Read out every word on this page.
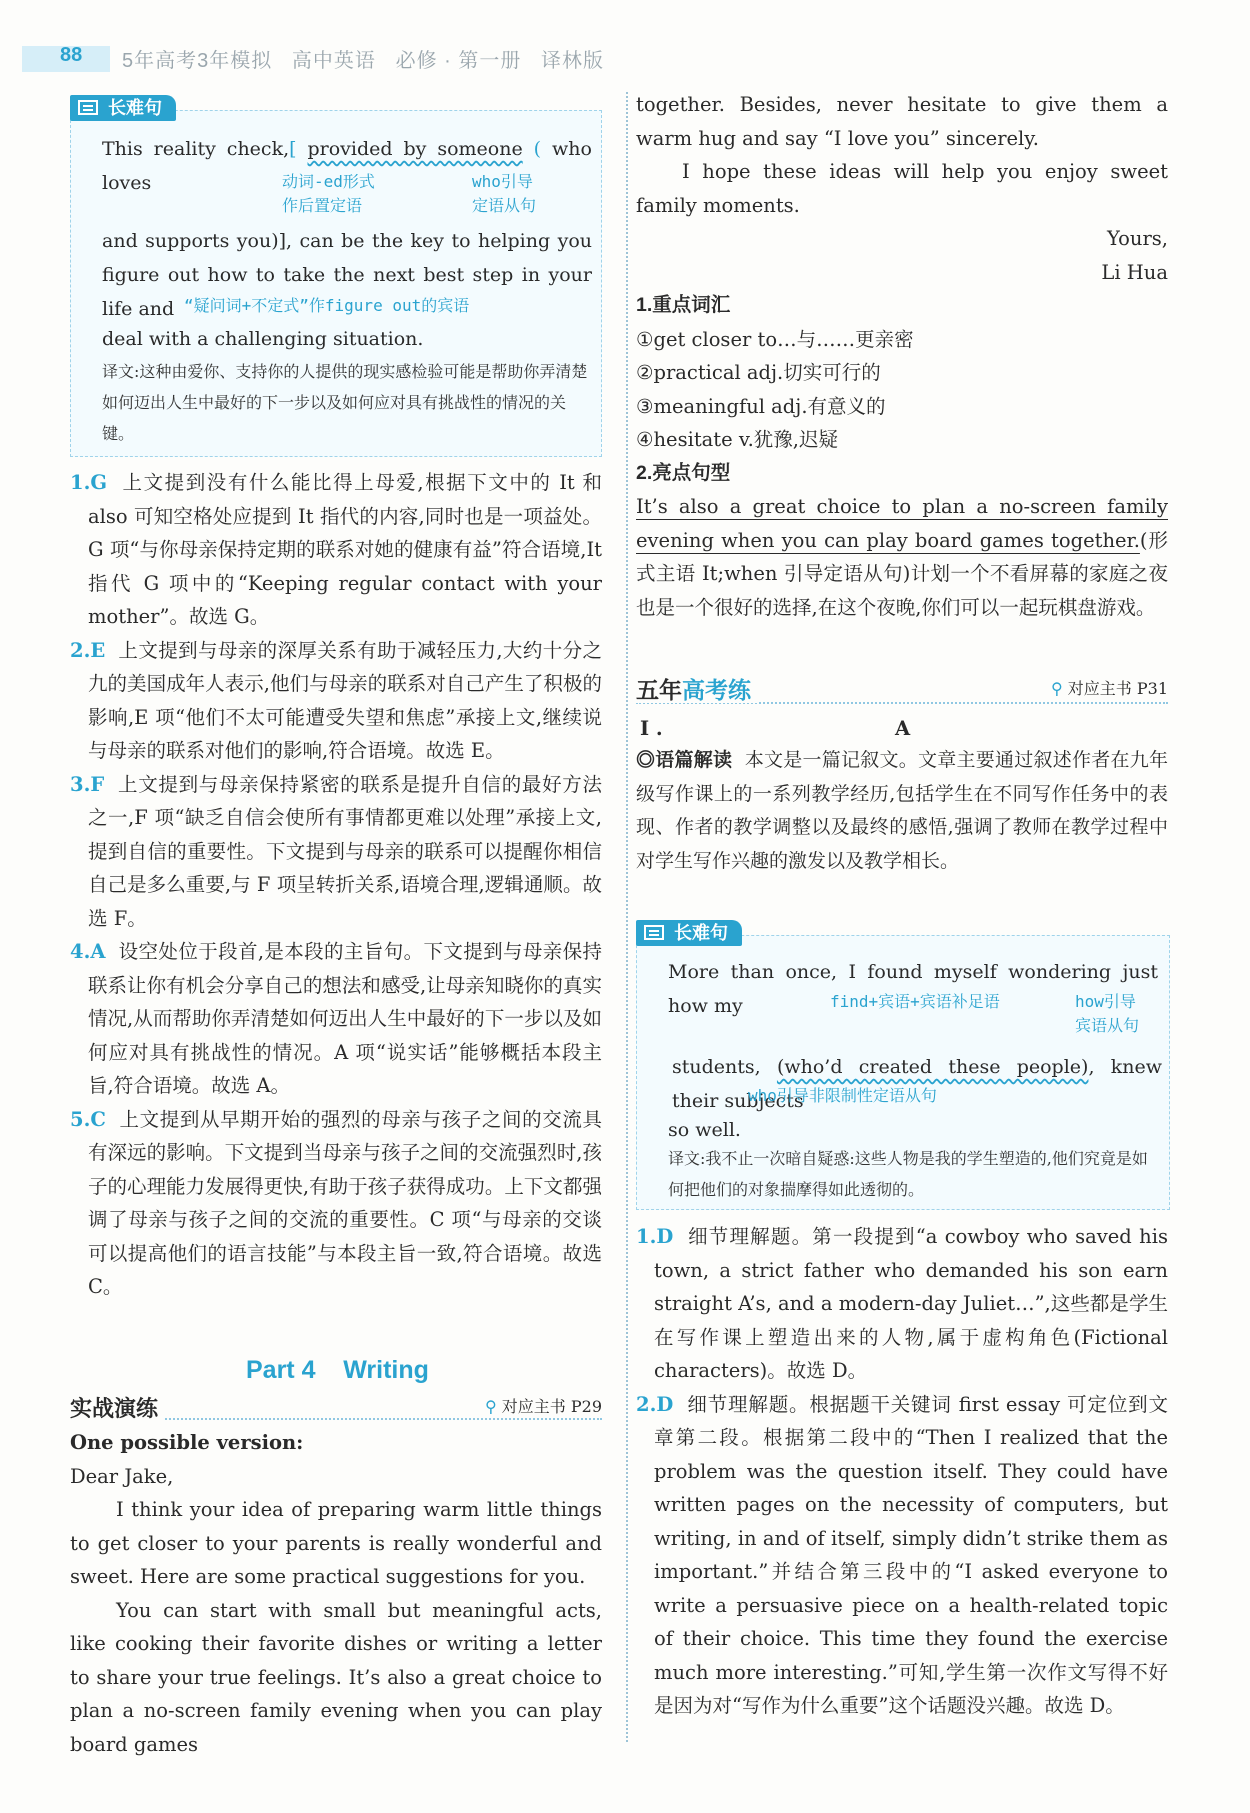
88 5年高考3年模拟 高中英语 必修 · 第一册 译林版
长难句
This reality check,[ provided by someone ( who loves	动词-ed形式
作后置定语
who引导
定语从句
and supports you)], can be the key to helping you figure out how to take the next best step in your life and “疑问词+不定式”作figure out的宾语
deal with a challenging situation.
译文:这种由爱你、支持你的人提供的现实感检验可能是帮助你弄清楚如何迈出人生中最好的下一步以及如何应对具有挑战性的情况的关键。
1.G 上文提到没有什么能比得上母爱,根据下文中的 It 和 also 可知空格处应提到 It 指代的内容,同时也是一项益处。G 项“与你母亲保持定期的联系对她的健康有益”符合语境,It 指代 G 项中的“Keeping regular contact with your mother”。故选 G。
2.E 上文提到与母亲的深厚关系有助于减轻压力,大约十分之九的美国成年人表示,他们与母亲的联系对自己产生了积极的影响,E 项“他们不太可能遭受失望和焦虑”承接上文,继续说与母亲的联系对他们的影响,符合语境。故选 E。
3.F 上文提到与母亲保持紧密的联系是提升自信的最好方法之一,F 项“缺乏自信会使所有事情都更难以处理”承接上文,提到自信的重要性。下文提到与母亲的联系可以提醒你相信自己是多么重要,与 F 项呈转折关系,语境合理,逻辑通顺。故选 F。
4.A 设空处位于段首,是本段的主旨句。下文提到与母亲保持联系让你有机会分享自己的想法和感受,让母亲知晓你的真实情况,从而帮助你弄清楚如何迈出人生中最好的下一步以及如何应对具有挑战性的情况。A 项“说实话”能够概括本段主旨,符合语境。故选 A。
5.C 上文提到从早期开始的强烈的母亲与孩子之间的交流具有深远的影响。下文提到当母亲与孩子之间的交流强烈时,孩子的心理能力发展得更快,有助于孩子获得成功。上下文都强调了母亲与孩子之间的交流的重要性。C 项“与母亲的交谈可以提高他们的语言技能”与本段主旨一致,符合语境。故选 C。
Part 4    Writing
实战演练	⚲ 对应主书 P29
One possible version:
Dear Jake,
I think your idea of preparing warm little things to get closer to your parents is really wonderful and sweet. Here are some practical suggestions for you.
You can start with small but meaningful acts, like cooking their favorite dishes or writing a letter to share your true feelings. It’s also a great choice to plan a no-screen family evening when you can play board games
together. Besides, never hesitate to give them a warm hug and say “I love you” sincerely.
I hope these ideas will help you enjoy sweet family moments.
Yours,
Li Hua
1.重点词汇
①get closer to…与……更亲密
②practical adj.切实可行的
③meaningful adj.有意义的
④hesitate v.犹豫,迟疑
2.亮点句型
It’s also a great choice to plan a no-screen family evening when you can play board games together.(形式主语 It;when 引导定语从句)计划一个不看屏幕的家庭之夜也是一个很好的选择,在这个夜晚,你们可以一起玩棋盘游戏。
五年高考练	⚲ 对应主书 P31
I .	A
◎语篇解读 本文是一篇记叙文。文章主要通过叙述作者在九年级写作课上的一系列教学经历,包括学生在不同写作任务中的表现、作者的教学调整以及最终的感悟,强调了教师在教学过程中对学生写作兴趣的激发以及教学相长。
长难句
More than once, I found myself wondering just how my	find+宾语+宾语补足语	how引导
宾语从句
students, (who’d created these people), knew their subjects
who引导非限制性定语从句
so well.
译文:我不止一次暗自疑惑:这些人物是我的学生塑造的,他们究竟是如何把他们的对象揣摩得如此透彻的。
1.D 细节理解题。第一段提到“a cowboy who saved his town, a strict father who demanded his son earn straight A’s, and a modern-day Juliet…”,这些都是学生在写作课上塑造出来的人物,属于虚构角色(Fictional characters)。故选 D。
2.D 细节理解题。根据题干关键词 first essay 可定位到文章第二段。根据第二段中的“Then I realized that the problem was the question itself. They could have written pages on the necessity of computers, but writing, in and of itself, simply didn’t strike them as important.”并结合第三段中的“I asked everyone to write a persuasive piece on a health-related topic of their choice. This time they found the exercise much more interesting.”可知,学生第一次作文写得不好是因为对“写作为什么重要”这个话题没兴趣。故选 D。
